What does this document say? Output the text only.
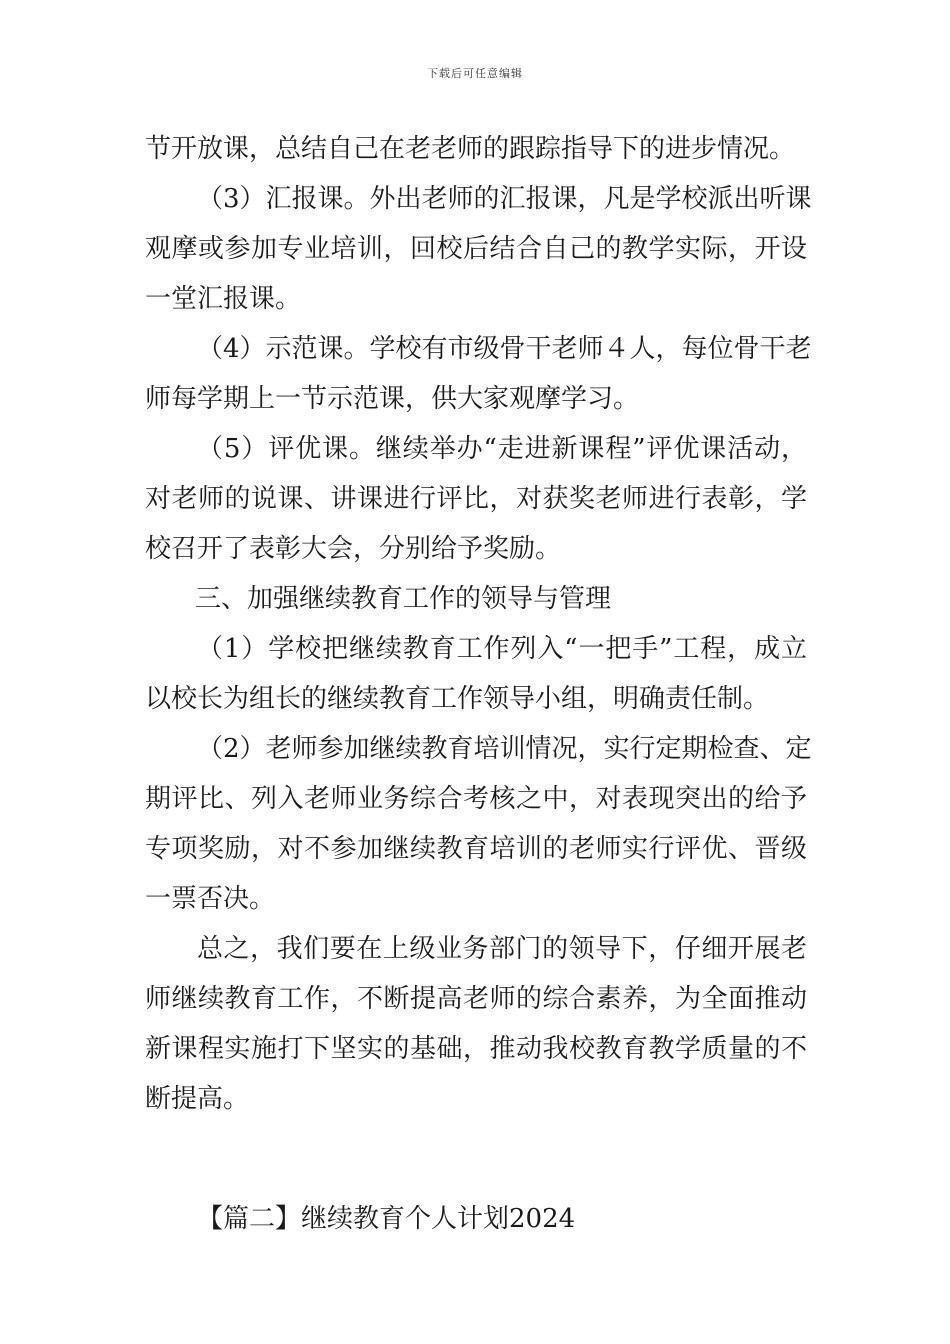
下载后可任意编辑
节开放课，总结自己在老老师的跟踪指导下的进步情况。
（3）汇报课。外出老师的汇报课，凡是学校派出听课
观摩或参加专业培训，回校后结合自己的教学实际，开设
一堂汇报课。
（4）示范课。学校有市级骨干老师４人，每位骨干老
师每学期上一节示范课，供大家观摩学习。
（5）评优课。继续举办“走进新课程”评优课活动，
对老师的说课、讲课进行评比，对获奖老师进行表彰，学
校召开了表彰大会，分别给予奖励。
三、加强继续教育工作的领导与管理
（1）学校把继续教育工作列入“一把手”工程，成立
以校长为组长的继续教育工作领导小组，明确责任制。
（2）老师参加继续教育培训情况，实行定期检查、定
期评比、列入老师业务综合考核之中，对表现突出的给予
专项奖励，对不参加继续教育培训的老师实行评优、晋级
一票否决。
总之，我们要在上级业务部门的领导下，仔细开展老
师继续教育工作，不断提高老师的综合素养，为全面推动
新课程实施打下坚实的基础，推动我校教育教学质量的不
断提高。
【篇二】继续教育个人计划2024
